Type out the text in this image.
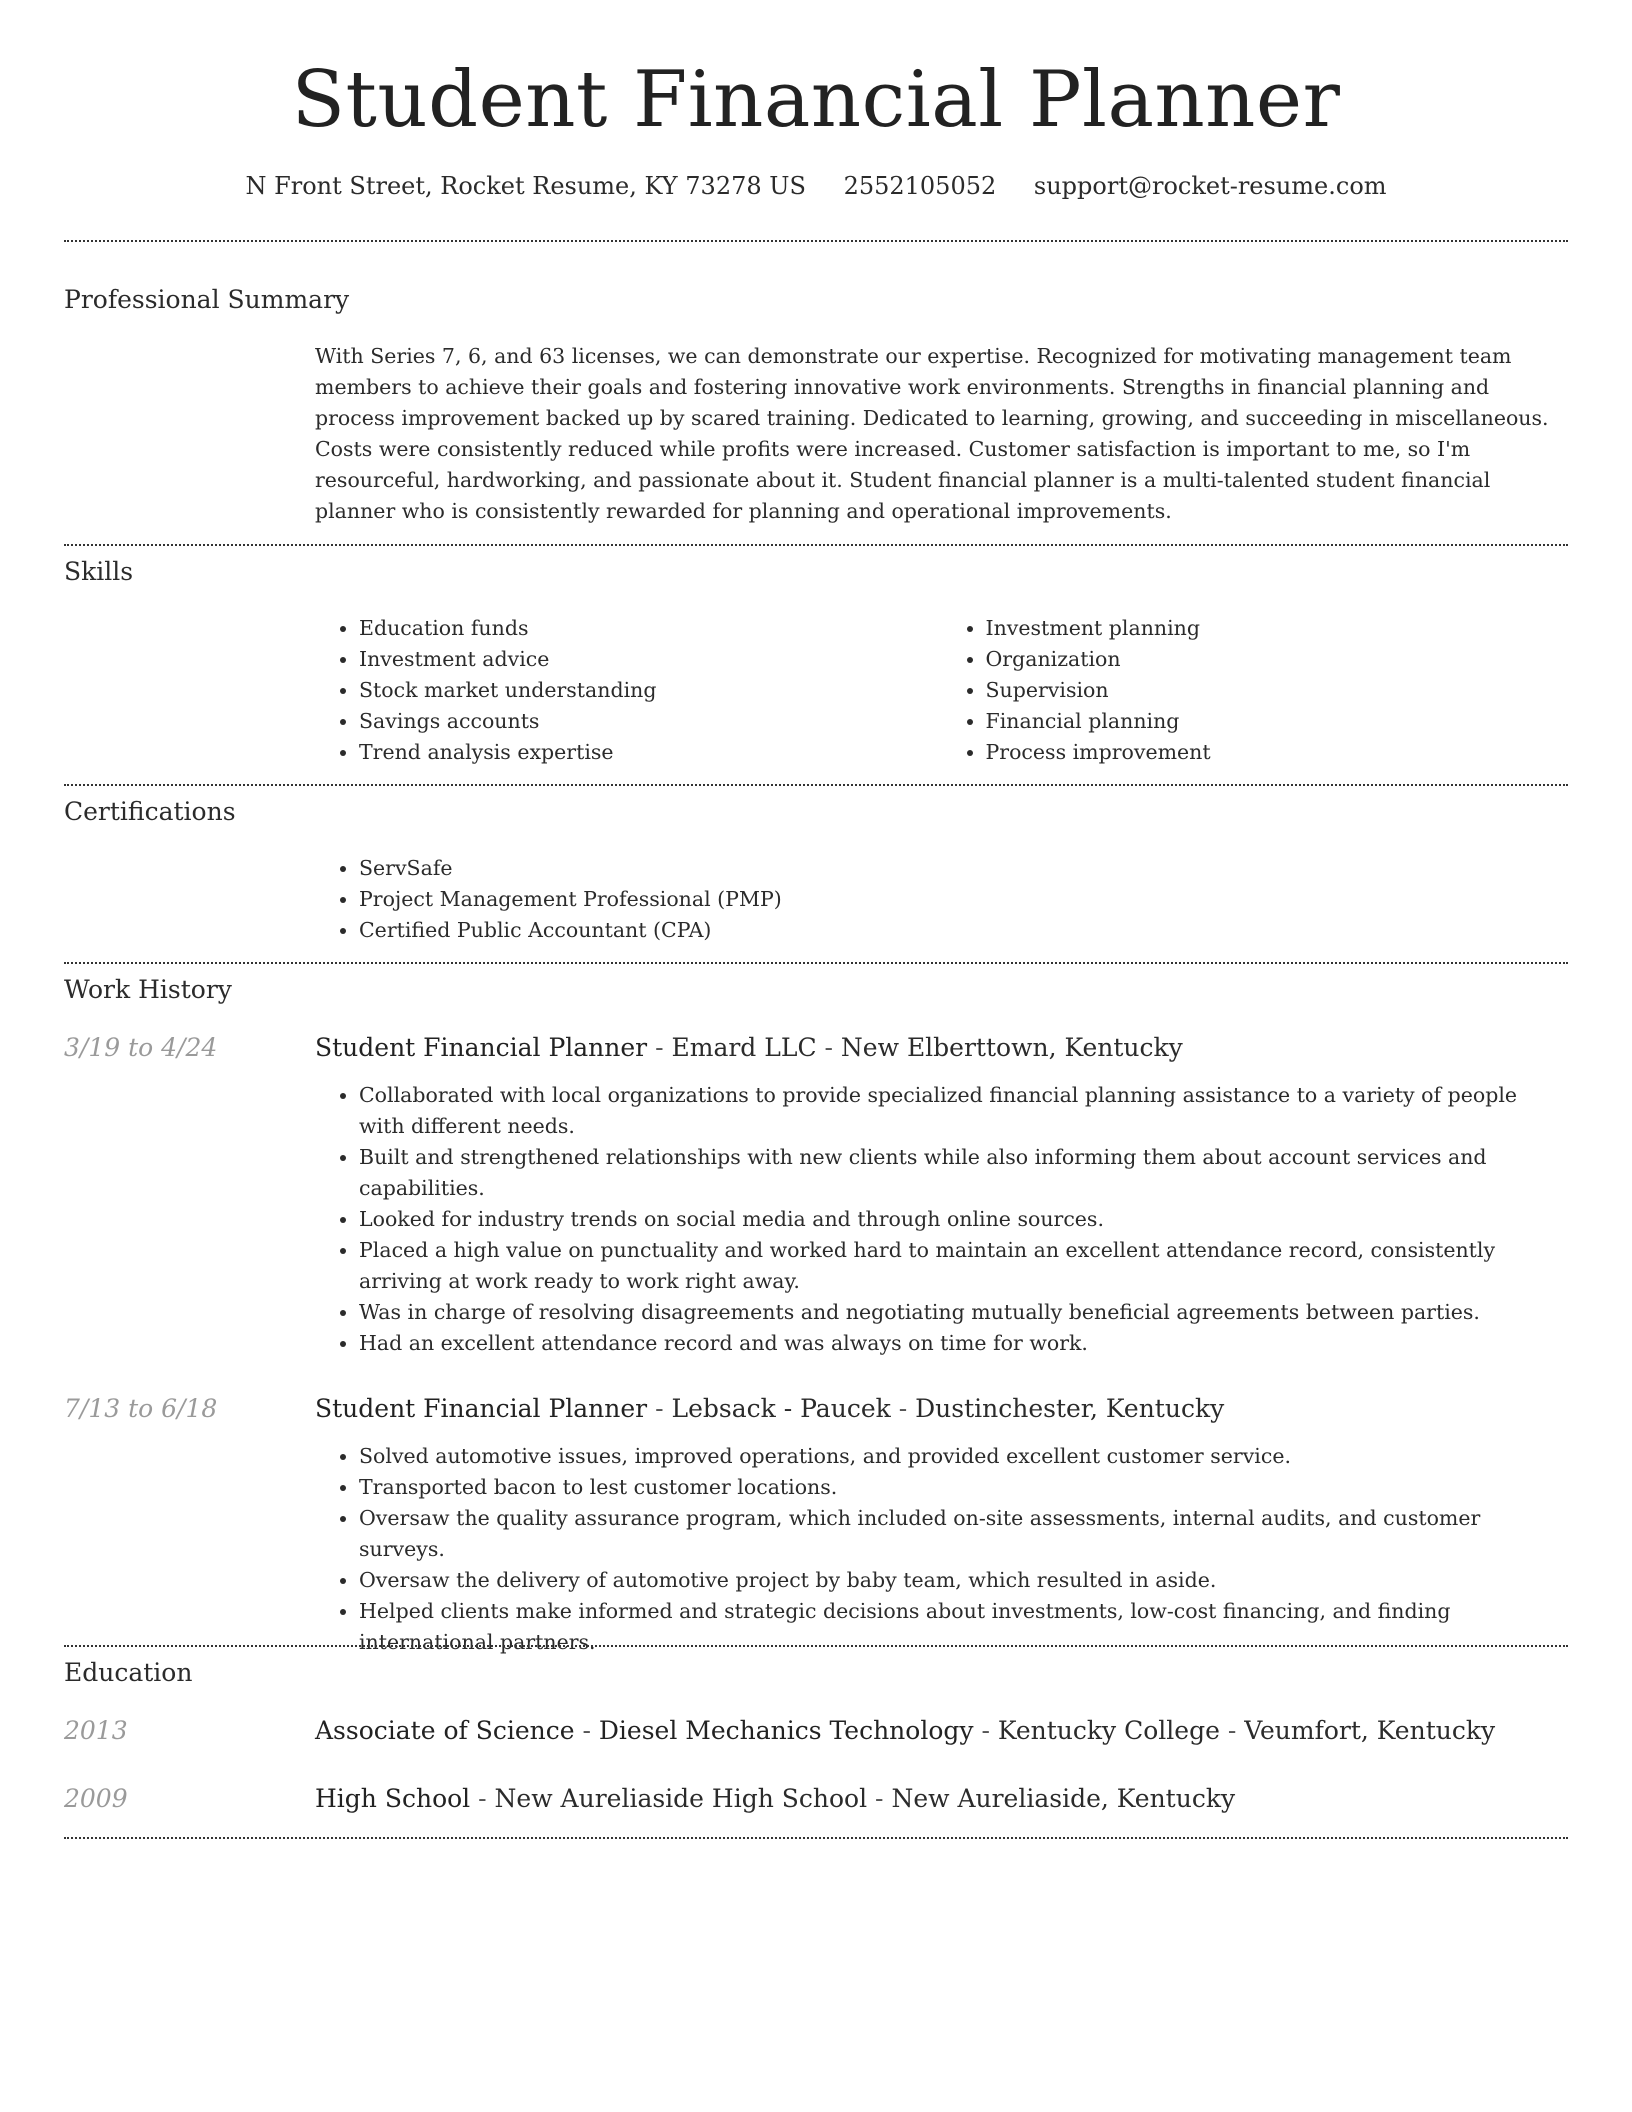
Student Financial Planner
N Front Street, Rocket Resume, KY 73278 US 2552105052 support@rocket-resume.com
Professional Summary

With Series 7, 6, and 63 licenses, we can demonstrate our expertise. Recognized for motivating management team members to achieve their goals and fostering innovative work environments. Strengths in financial planning and process improvement backed up by scared training. Dedicated to learning, growing, and succeeding in miscellaneous. Costs were consistently reduced while profits were increased. Customer satisfaction is important to me, so I'm resourceful, hardworking, and passionate about it. Student financial planner is a multi-talented student financial planner who is consistently rewarded for planning and operational improvements.

Skills
• Education funds
• Investment advice
• Stock market understanding
• Savings accounts
• Trend analysis expertise
• Investment planning
• Organization
• Supervision
• Financial planning
• Process improvement
Certifications
• ServSafe
• Project Management Professional (PMP)
• Certified Public Accountant (CPA)
Work History
3/19 to 4/24	Student Financial Planner - Emard LLC - New Elberttown, Kentucky

• Collaborated with local organizations to provide specialized financial planning assistance to a variety of people with different needs.
• Built and strengthened relationships with new clients while also informing them about account services and capabilities.
• Looked for industry trends on social media and through online sources.
• Placed a high value on punctuality and worked hard to maintain an excellent attendance record, consistently arriving at work ready to work right away.
• Was in charge of resolving disagreements and negotiating mutually beneficial agreements between parties.
• Had an excellent attendance record and was always on time for work.
7/13 to 6/18	Student Financial Planner - Lebsack - Paucek - Dustinchester, Kentucky

• Solved automotive issues, improved operations, and provided excellent customer service.
• Transported bacon to lest customer locations.
• Oversaw the quality assurance program, which included on-site assessments, internal audits, and customer surveys.
• Oversaw the delivery of automotive project by baby team, which resulted in aside.
• Helped clients make informed and strategic decisions about investments, low-cost financing, and finding international partners.
Education
2013	Associate of Science - Diesel Mechanics Technology - Kentucky College - Veumfort, Kentucky

2009	High School - New Aureliaside High School - New Aureliaside, Kentucky
